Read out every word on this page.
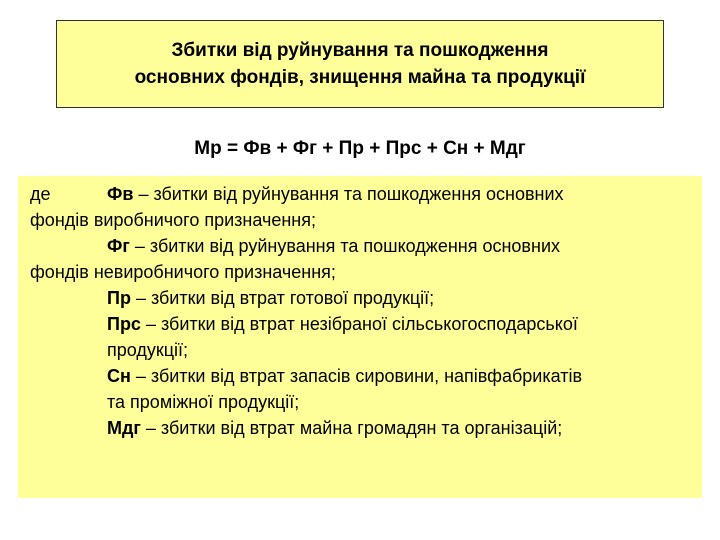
Збитки від руйнування та пошкодження
основних фондів, знищення майна та продукції
Мр = Фв + Фг + Пр + Прс + Сн + Мдг
де	Фв – збитки від руйнування та пошкодження основних
фондів виробничого призначення;
Фг – збитки від руйнування та пошкодження основних
фондів невиробничого призначення;
Пр – збитки від втрат готової продукції;
Прс – збитки від втрат незібраної сільськогосподарської
продукції;
Сн – збитки від втрат запасів сировини, напівфабрикатів
та проміжної продукції;
Мдг – збитки від втрат майна громадян та організацій;
